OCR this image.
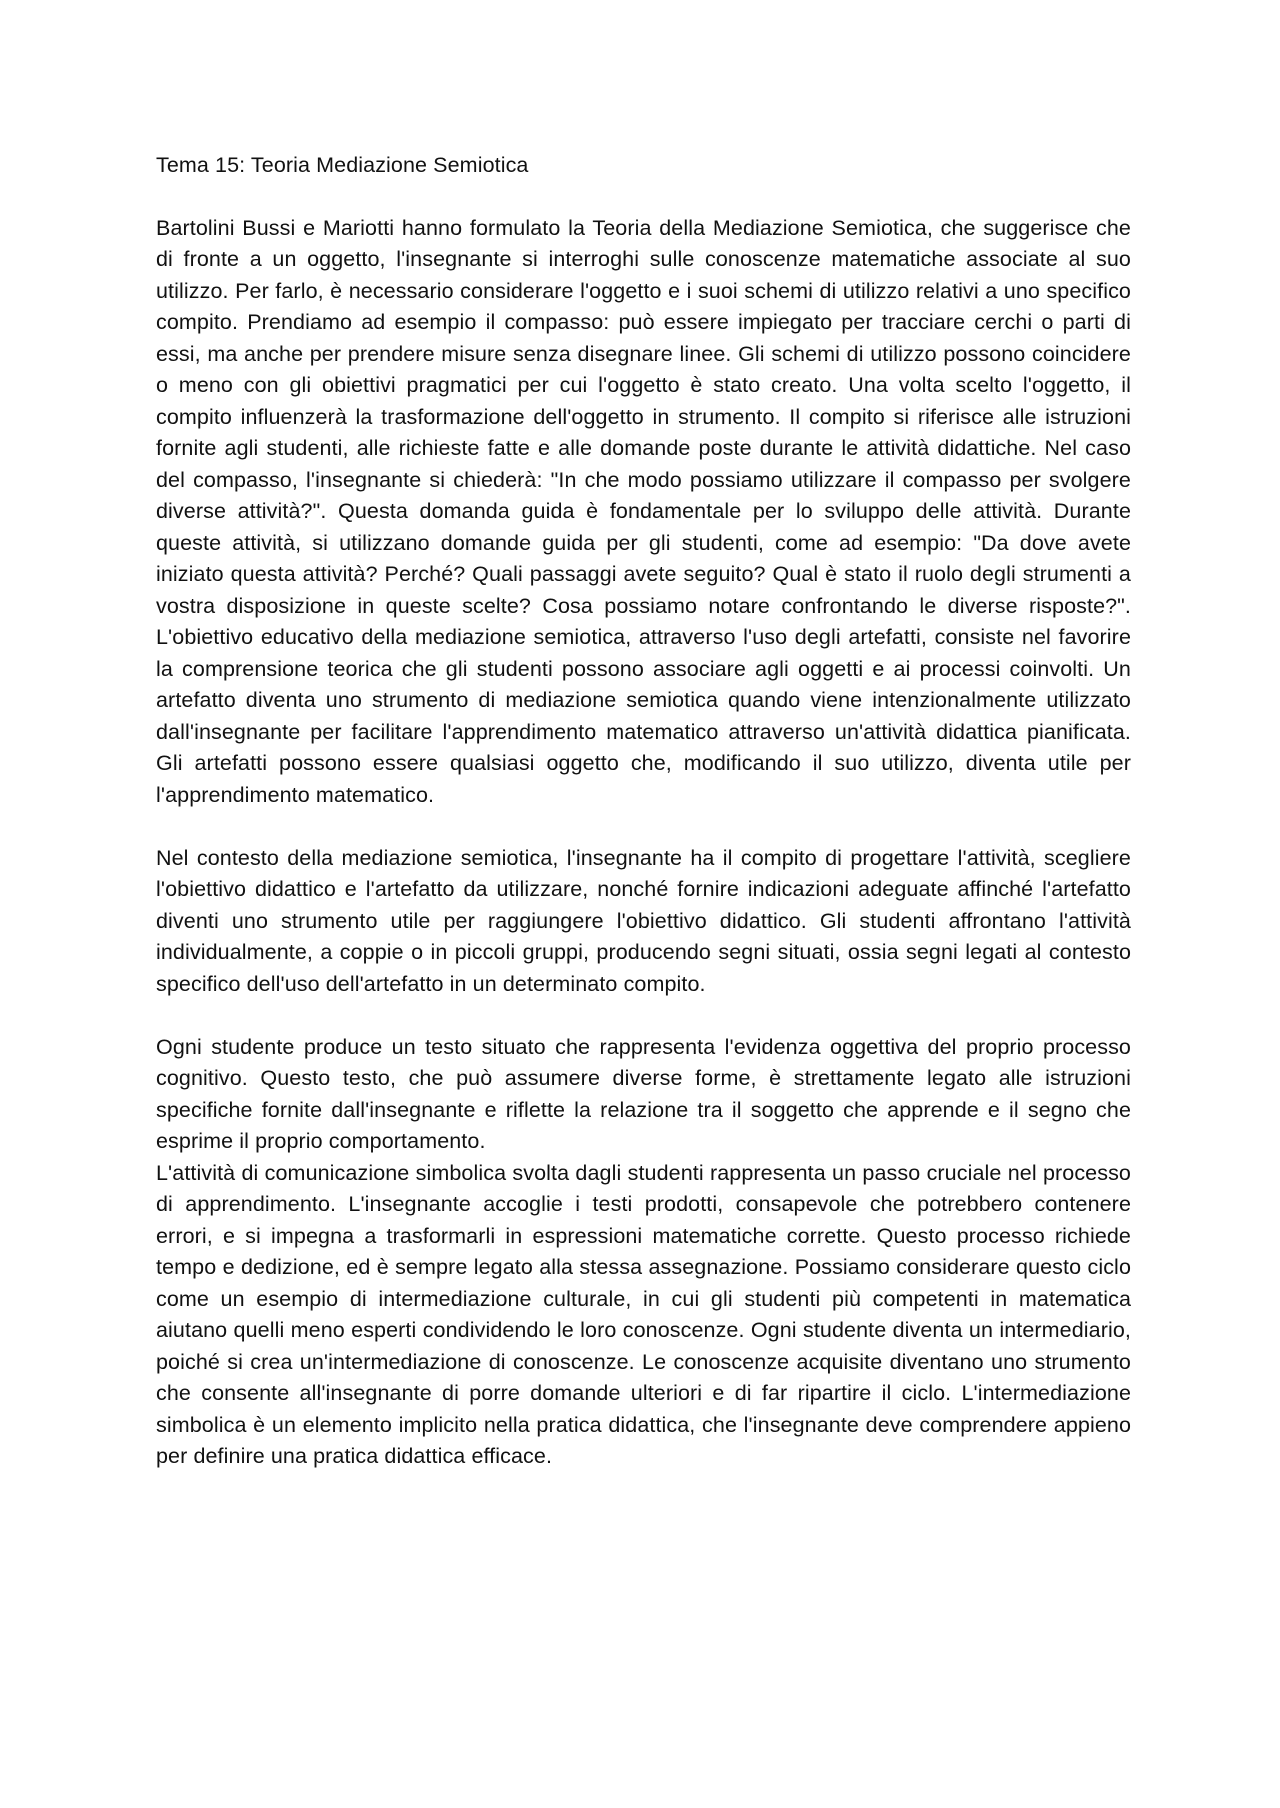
Tema 15: Teoria Mediazione Semiotica

Bartolini Bussi e Mariotti hanno formulato la Teoria della Mediazione Semiotica, che suggerisce che di fronte a un oggetto, l'insegnante si interroghi sulle conoscenze matematiche associate al suo utilizzo. Per farlo, è necessario considerare l'oggetto e i suoi schemi di utilizzo relativi a uno specifico compito. Prendiamo ad esempio il compasso: può essere impiegato per tracciare cerchi o parti di essi, ma anche per prendere misure senza disegnare linee. Gli schemi di utilizzo possono coincidere o meno con gli obiettivi pragmatici per cui l'oggetto è stato creato. Una volta scelto l'oggetto, il compito influenzerà la trasformazione dell'oggetto in strumento. Il compito si riferisce alle istruzioni fornite agli studenti, alle richieste fatte e alle domande poste durante le attività didattiche. Nel caso del compasso, l'insegnante si chiederà: "In che modo possiamo utilizzare il compasso per svolgere diverse attività?". Questa domanda guida è fondamentale per lo sviluppo delle attività. Durante queste attività, si utilizzano domande guida per gli studenti, come ad esempio: "Da dove avete iniziato questa attività? Perché? Quali passaggi avete seguito? Qual è stato il ruolo degli strumenti a vostra disposizione in queste scelte? Cosa possiamo notare confrontando le diverse risposte?". L'obiettivo educativo della mediazione semiotica, attraverso l'uso degli artefatti, consiste nel favorire la comprensione teorica che gli studenti possono associare agli oggetti e ai processi coinvolti. Un artefatto diventa uno strumento di mediazione semiotica quando viene intenzionalmente utilizzato dall'insegnante per facilitare l'apprendimento matematico attraverso un'attività didattica pianificata. Gli artefatti possono essere qualsiasi oggetto che, modificando il suo utilizzo, diventa utile per l'apprendimento matematico.

Nel contesto della mediazione semiotica, l'insegnante ha il compito di progettare l'attività, scegliere l'obiettivo didattico e l'artefatto da utilizzare, nonché fornire indicazioni adeguate affinché l'artefatto diventi uno strumento utile per raggiungere l'obiettivo didattico. Gli studenti affrontano l'attività individualmente, a coppie o in piccoli gruppi, producendo segni situati, ossia segni legati al contesto specifico dell'uso dell'artefatto in un determinato compito.

Ogni studente produce un testo situato che rappresenta l'evidenza oggettiva del proprio processo cognitivo. Questo testo, che può assumere diverse forme, è strettamente legato alle istruzioni specifiche fornite dall'insegnante e riflette la relazione tra il soggetto che apprende e il segno che esprime il proprio comportamento.

L'attività di comunicazione simbolica svolta dagli studenti rappresenta un passo cruciale nel processo di apprendimento. L'insegnante accoglie i testi prodotti, consapevole che potrebbero contenere errori, e si impegna a trasformarli in espressioni matematiche corrette. Questo processo richiede tempo e dedizione, ed è sempre legato alla stessa assegnazione. Possiamo considerare questo ciclo come un esempio di intermediazione culturale, in cui gli studenti più competenti in matematica aiutano quelli meno esperti condividendo le loro conoscenze. Ogni studente diventa un intermediario, poiché si crea un'intermediazione di conoscenze. Le conoscenze acquisite diventano uno strumento che consente all'insegnante di porre domande ulteriori e di far ripartire il ciclo. L'intermediazione simbolica è un elemento implicito nella pratica didattica, che l'insegnante deve comprendere appieno per definire una pratica didattica efficace.
